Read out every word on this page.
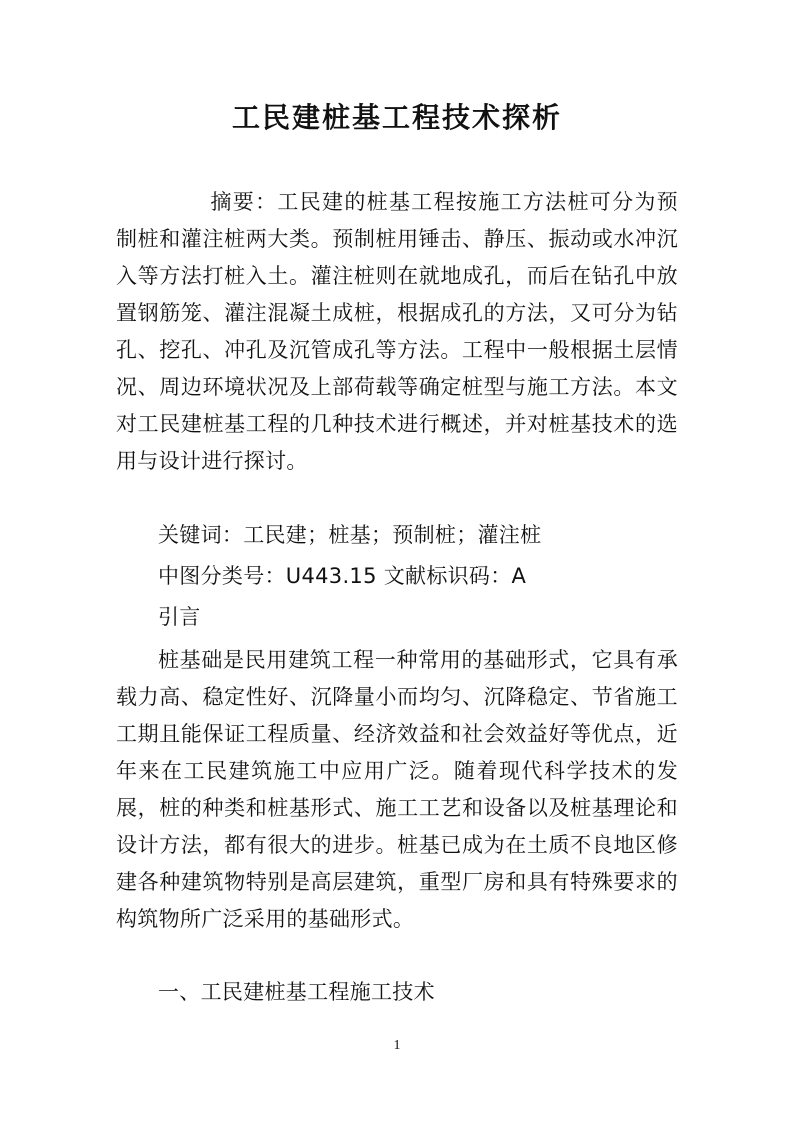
工民建桩基工程技术探析

摘要：工民建的桩基工程按施工方法桩可分为预制桩和灌注桩两大类。预制桩用锤击、静压、振动或水冲沉入等方法打桩入土。灌注桩则在就地成孔，而后在钻孔中放置钢筋笼、灌注混凝土成桩，根据成孔的方法，又可分为钻孔、挖孔、冲孔及沉管成孔等方法。工程中一般根据土层情况、周边环境状况及上部荷载等确定桩型与施工方法。本文对工民建桩基工程的几种技术进行概述，并对桩基技术的选用与设计进行探讨。

关键词：工民建；桩基；预制桩；灌注桩

中图分类号：U443.15 文献标识码：A

引言

桩基础是民用建筑工程一种常用的基础形式，它具有承载力高、稳定性好、沉降量小而均匀、沉降稳定、节省施工工期且能保证工程质量、经济效益和社会效益好等优点，近年来在工民建筑施工中应用广泛。随着现代科学技术的发展，桩的种类和桩基形式、施工工艺和设备以及桩基理论和设计方法，都有很大的进步。桩基已成为在土质不良地区修建各种建筑物特别是高层建筑，重型厂房和具有特殊要求的构筑物所广泛采用的基础形式。

一、工民建桩基工程施工技术

1
